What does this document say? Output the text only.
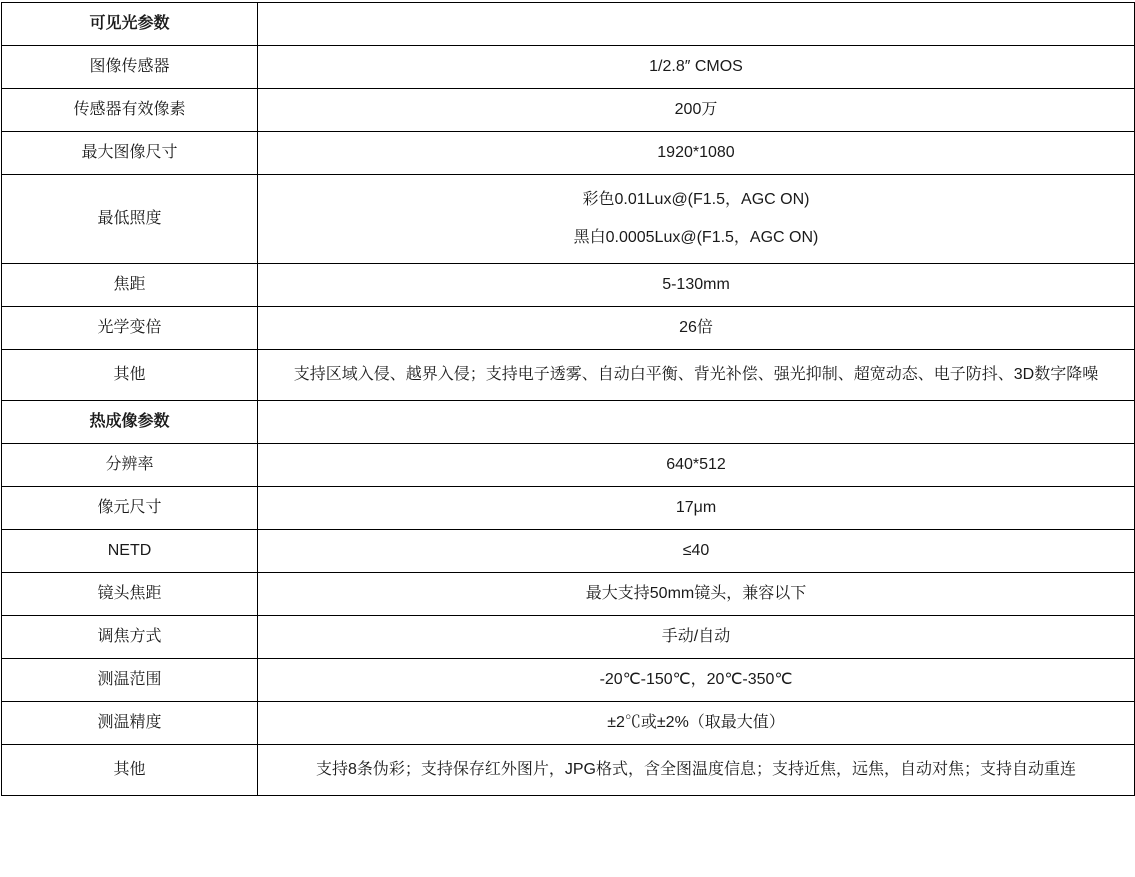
可见光参数	
图像传感器	1/2.8″ CMOS
传感器有效像素	200万
最大图像尺寸	1920*1080
最低照度	彩色0.01Lux@(F1.5，AGC ON)
黑白0.0005Lux@(F1.5，AGC ON)

焦距	5-130mm
光学变倍	26倍
其他	支持区域入侵、越界入侵；支持电子透雾、自动白平衡、背光补偿、强光抑制、超宽动态、电子防抖、3D数字降噪
热成像参数	
分辨率	640*512
像元尺寸	17μm
NETD	≤40
镜头焦距	最大支持50mm镜头，兼容以下
调焦方式	手动/自动
测温范围	-20℃-150℃，20℃-350℃
测温精度	±2℃或±2%（取最大值）
其他	支持8条伪彩；支持保存红外图片，JPG格式，含全图温度信息；支持近焦，远焦，自动对焦；支持自动重连
